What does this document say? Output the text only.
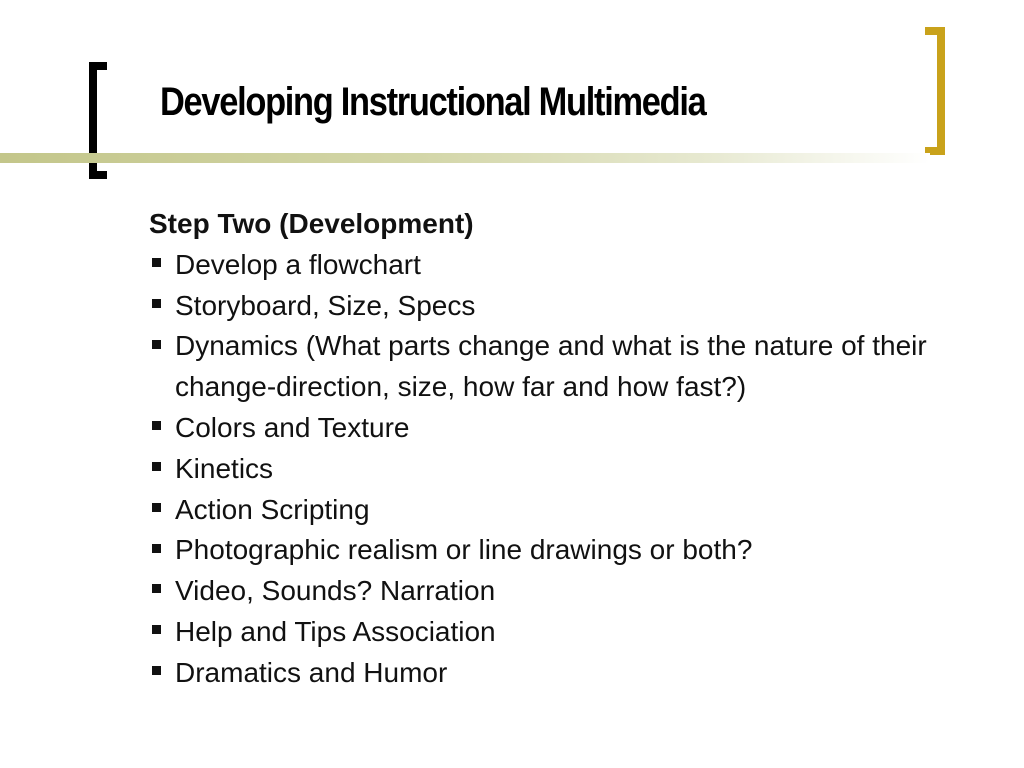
Developing Instructional Multimedia

Step Two (Development)

Develop a flowchart
Storyboard, Size, Specs
Dynamics (What parts change and what is the nature of their change-direction, size, how far and how fast?)
Colors and Texture
Kinetics
Action Scripting
Photographic realism or line drawings or both?
Video, Sounds? Narration
Help and Tips Association
Dramatics and Humor
